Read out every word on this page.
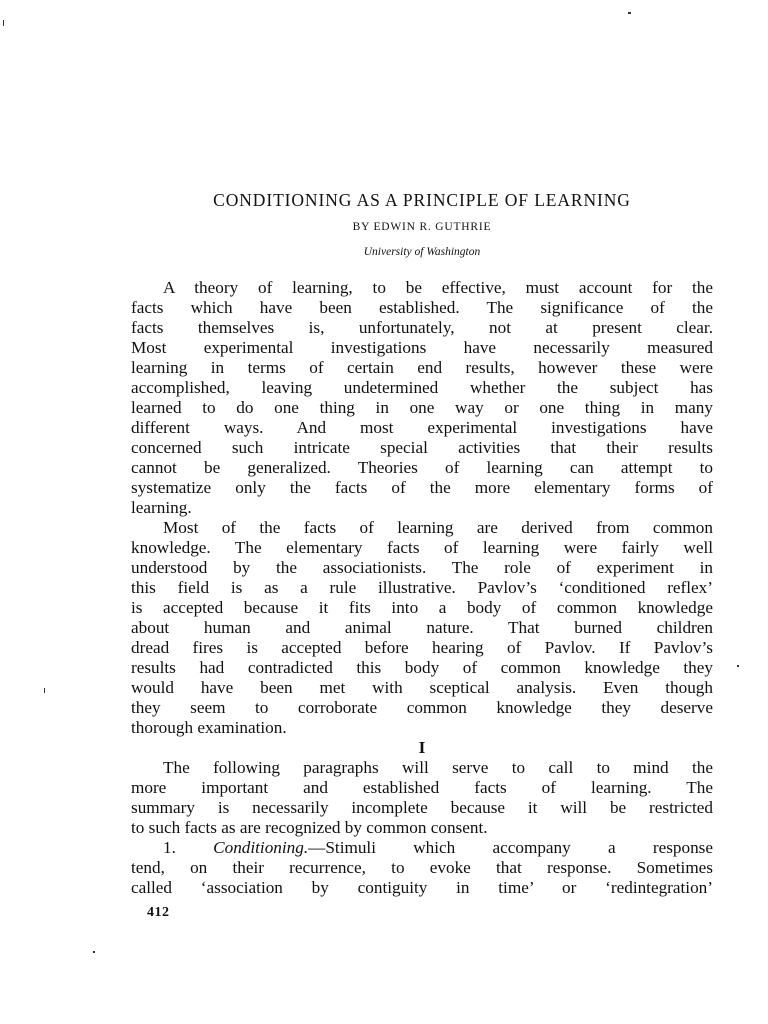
CONDITIONING AS A PRINCIPLE OF LEARNING
BY EDWIN R. GUTHRIE
University of Washington
A theory of learning, to be effective, must account for the
facts which have been established. The significance of the
facts themselves is, unfortunately, not at present clear.
Most experimental investigations have necessarily measured
learning in terms of certain end results, however these were
accomplished, leaving undetermined whether the subject has
learned to do one thing in one way or one thing in many
different ways. And most experimental investigations have
concerned such intricate special activities that their results
cannot be generalized. Theories of learning can attempt to
systematize only the facts of the more elementary forms of
learning.
Most of the facts of learning are derived from common
knowledge. The elementary facts of learning were fairly well
understood by the associationists. The role of experiment in
this field is as a rule illustrative. Pavlov’s ‘conditioned reflex’
is accepted because it fits into a body of common knowledge
about human and animal nature. That burned children
dread fires is accepted before hearing of Pavlov. If Pavlov’s
results had contradicted this body of common knowledge they
would have been met with sceptical analysis. Even though
they seem to corroborate common knowledge they deserve
thorough examination.
I
The following paragraphs will serve to call to mind the
more important and established facts of learning. The
summary is necessarily incomplete because it will be restricted
to such facts as are recognized by common consent.
1. Conditioning.—Stimuli which accompany a response
tend, on their recurrence, to evoke that response. Sometimes
called ‘association by contiguity in time’ or ‘redintegration’
412
